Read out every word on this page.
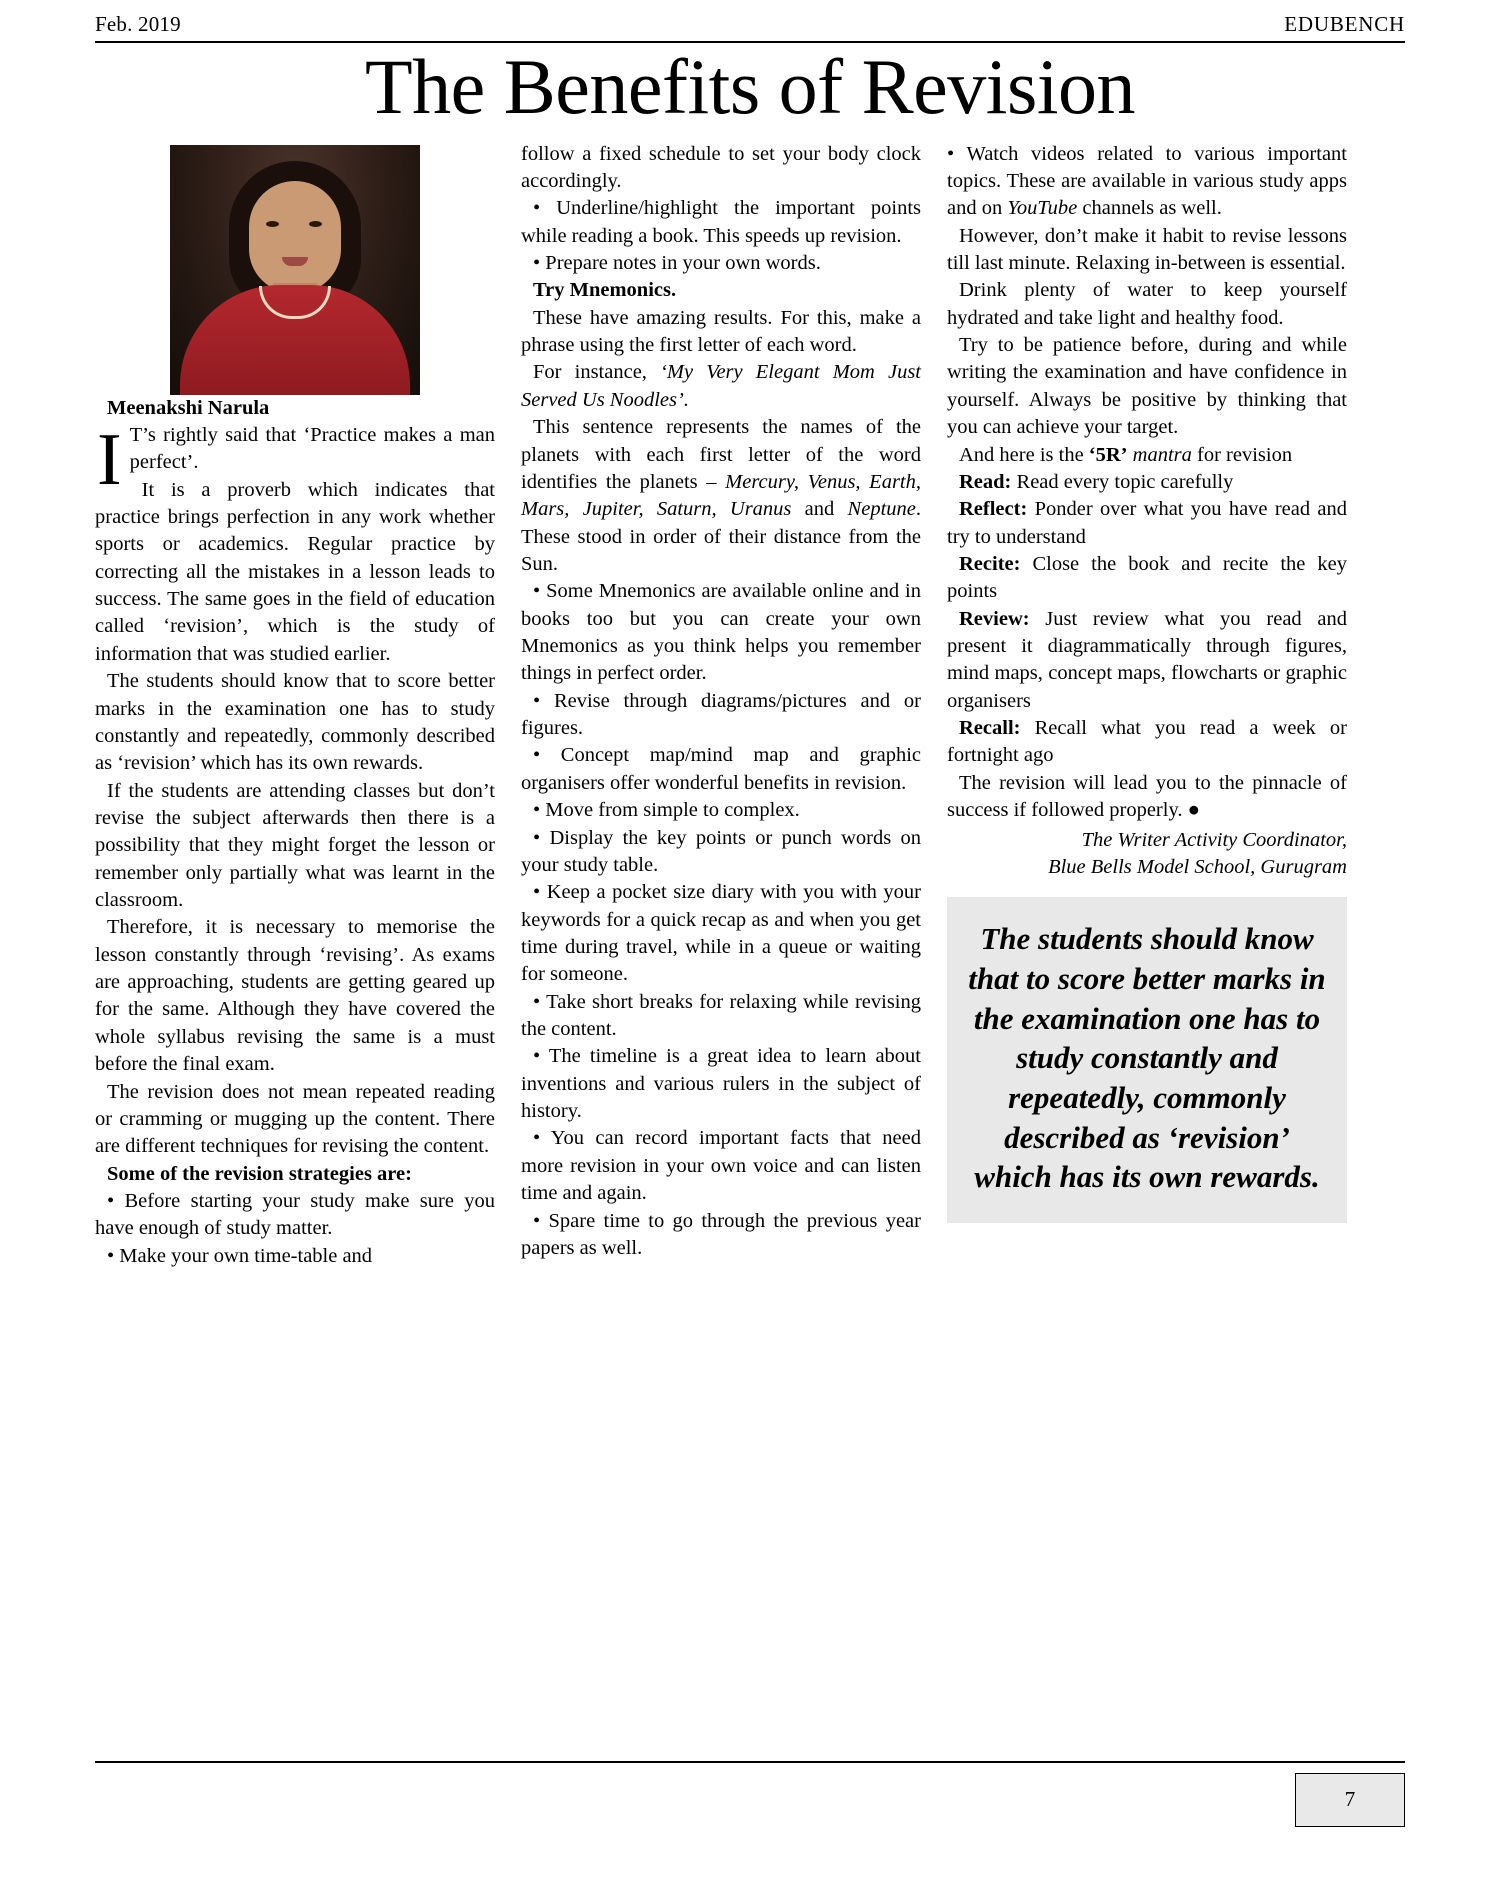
Feb. 2019	EDUBENCH
The Benefits of Revision

Meenakshi Narula

I T’s rightly said that ‘Practice makes a man perfect’.

It is a proverb which indicates that practice brings perfection in any work whether sports or academics. Regular practice by correcting all the mistakes in a lesson leads to success. The same goes in the field of education called ‘revision’, which is the study of information that was studied earlier.

The students should know that to score better marks in the examination one has to study constantly and repeatedly, commonly described as ‘revision’ which has its own rewards.

If the students are attending classes but don’t revise the subject afterwards then there is a possibility that they might forget the lesson or remember only partially what was learnt in the classroom.

Therefore, it is necessary to memorise the lesson constantly through ‘revising’. As exams are approaching, students are getting geared up for the same. Although they have covered the whole syllabus revising the same is a must before the final exam.

The revision does not mean repeated reading or cramming or mugging up the content. There are different techniques for revising the content.

Some of the revision strategies are:

• Before starting your study make sure you have enough of study matter.

• Make your own time-table and

follow a fixed schedule to set your body clock accordingly.

• Underline/highlight the important points while reading a book. This speeds up revision.

• Prepare notes in your own words.

Try Mnemonics.

These have amazing results. For this, make a phrase using the first letter of each word.

For instance, ‘My Very Elegant Mom Just Served Us Noodles’.

This sentence represents the names of the planets with each first letter of the word identifies the planets – Mercury, Venus, Earth, Mars, Jupiter, Saturn, Uranus and Neptune. These stood in order of their distance from the Sun.

• Some Mnemonics are available online and in books too but you can create your own Mnemonics as you think helps you remember things in perfect order.

• Revise through diagrams/pictures and or figures.

• Concept map/mind map and graphic organisers offer wonderful benefits in revision.

• Move from simple to complex.

• Display the key points or punch words on your study table.

• Keep a pocket size diary with you with your keywords for a quick recap as and when you get time during travel, while in a queue or waiting for someone.

• Take short breaks for relaxing while revising the content.

• The timeline is a great idea to learn about inventions and various rulers in the subject of history.

• You can record important facts that need more revision in your own voice and can listen time and again.

• Spare time to go through the previous year papers as well.

• Watch videos related to various important topics. These are available in various study apps and on YouTube channels as well.

However, don’t make it habit to revise lessons till last minute. Relaxing in-between is essential.

Drink plenty of water to keep yourself hydrated and take light and healthy food.

Try to be patience before, during and while writing the examination and have confidence in yourself. Always be positive by thinking that you can achieve your target.

And here is the ‘5R’ mantra for revision

Read: Read every topic carefully

Reflect: Ponder over what you have read and try to understand

Recite: Close the book and recite the key points

Review: Just review what you read and present it diagrammatically through figures, mind maps, concept maps, flowcharts or graphic organisers

Recall: Recall what you read a week or fortnight ago

The revision will lead you to the pinnacle of success if followed properly. ●

The Writer Activity Coordinator,

Blue Bells Model School, Gurugram

The students should know that to score better marks in the examination one has to study constantly and repeatedly, commonly described as ‘revision’ which has its own rewards.
7
